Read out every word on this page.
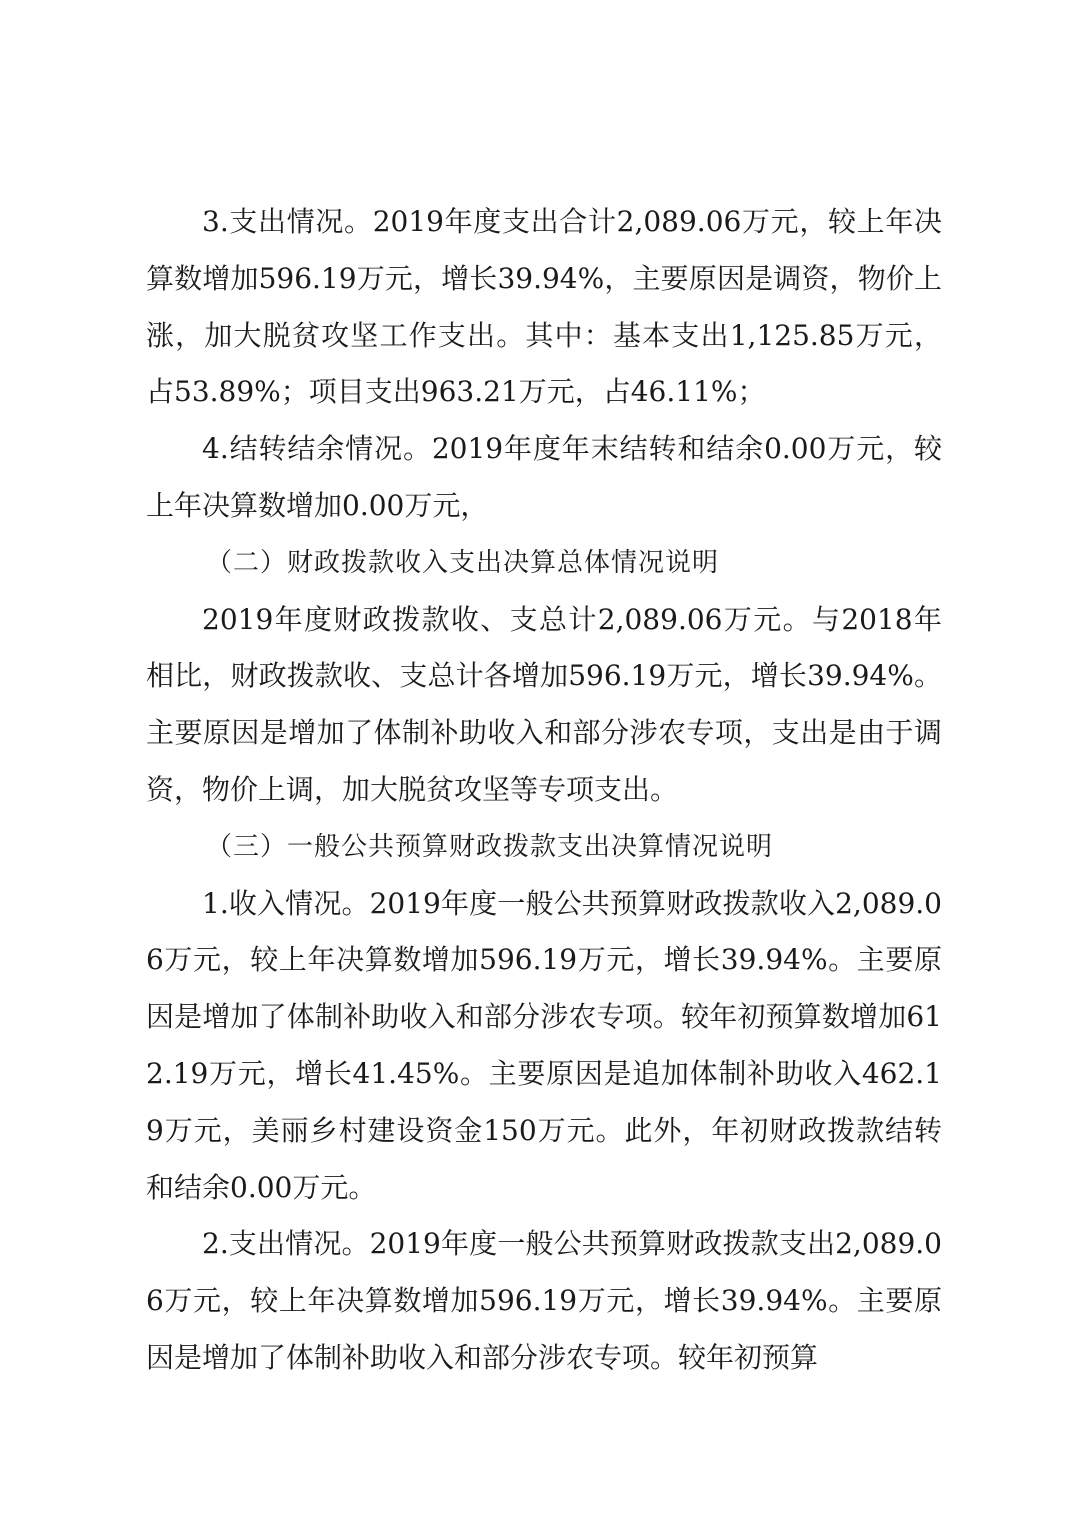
3.支出情况。2019年度支出合计2,089.06万元，较上年决算数增加596.19万元，增长39.94%，主要原因是调资，物价上涨，加大脱贫攻坚工作支出。其中：基本支出1,125.85万元，占53.89%；项目支出963.21万元，占46.11%；

4.结转结余情况。2019年度年末结转和结余0.00万元，较上年决算数增加0.00万元，

（二）财政拨款收入支出决算总体情况说明

2019年度财政拨款收、支总计2,089.06万元。与2018年相比，财政拨款收、支总计各增加596.19万元，增长39.94%。主要原因是增加了体制补助收入和部分涉农专项，支出是由于调资，物价上调，加大脱贫攻坚等专项支出。

（三）一般公共预算财政拨款支出决算情况说明

1.收入情况。2019年度一般公共预算财政拨款收入2,089.06万元，较上年决算数增加596.19万元，增长39.94%。主要原因是增加了体制补助收入和部分涉农专项。较年初预算数增加612.19万元，增长41.45%。主要原因是追加体制补助收入462.19万元，美丽乡村建设资金150万元。此外，年初财政拨款结转和结余0.00万元。

2.支出情况。2019年度一般公共预算财政拨款支出2,089.06万元，较上年决算数增加596.19万元，增长39.94%。主要原因是增加了体制补助收入和部分涉农专项。较年初预算
